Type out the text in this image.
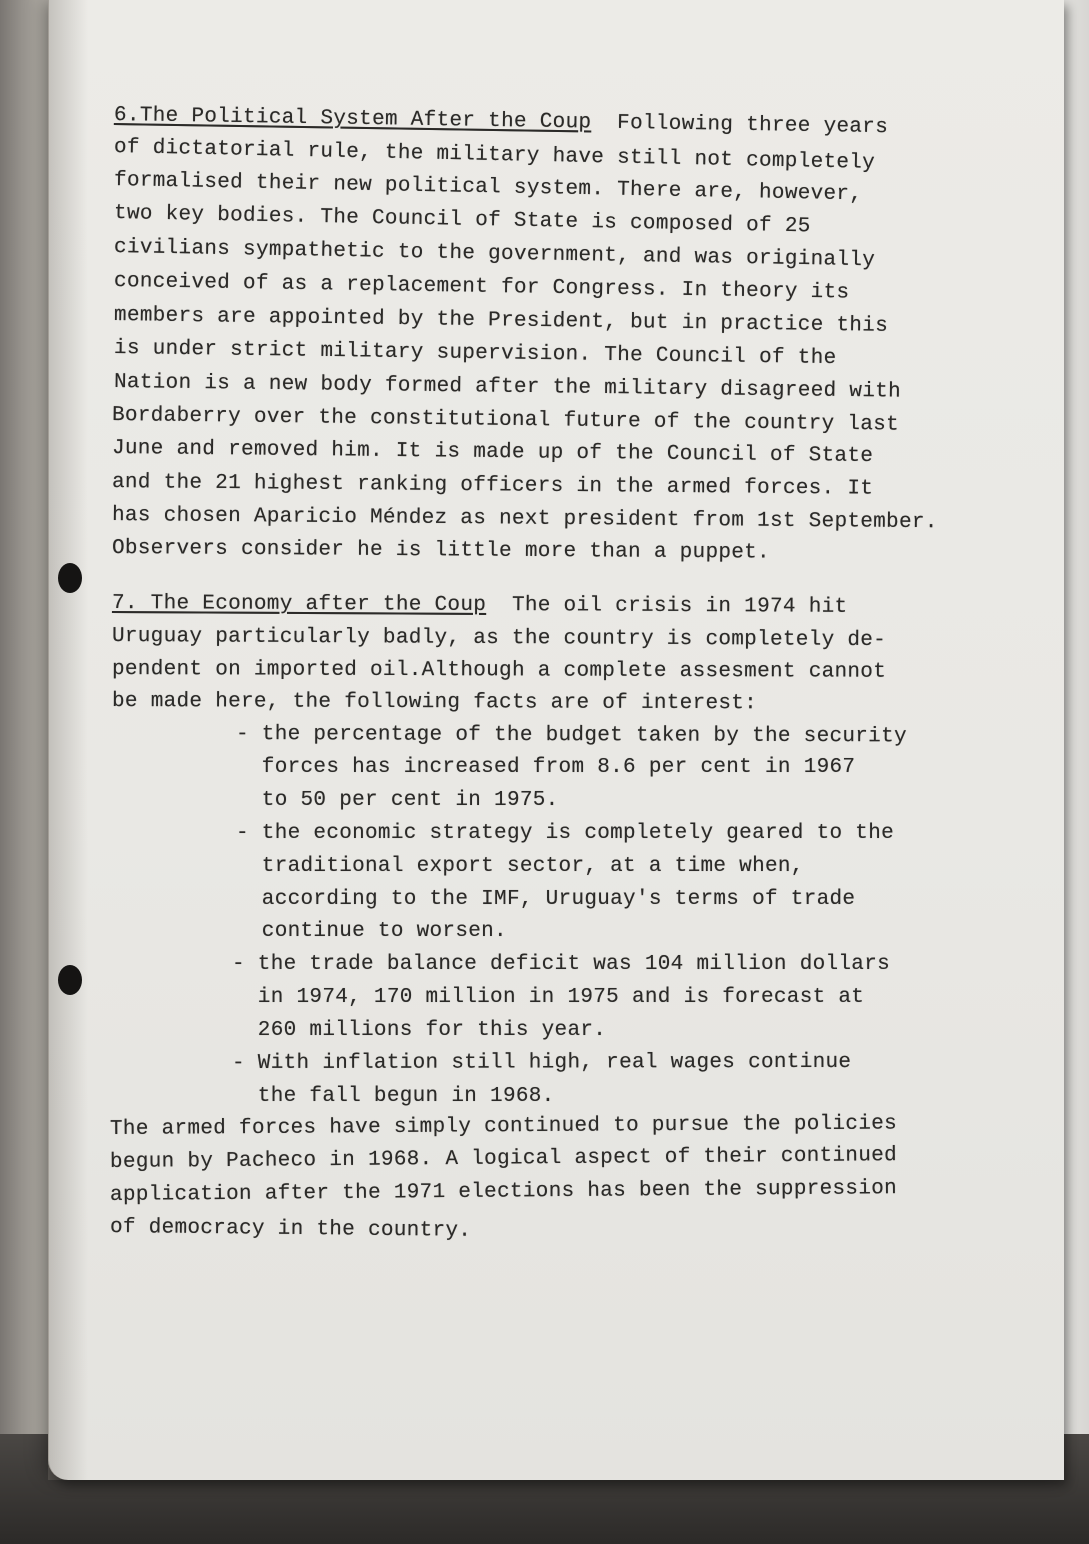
6.The Political System After the Coup  Following three years
of dictatorial rule, the military have still not completely
formalised their new political system. There are, however,
two key bodies. The Council of State is composed of 25
civilians sympathetic to the government, and was originally
conceived of as a replacement for Congress. In theory its
members are appointed by the President, but in practice this
is under strict military supervision. The Council of the
Nation is a new body formed after the military disagreed with
Bordaberry over the constitutional future of the country last
June and removed him. It is made up of the Council of State
and the 21 highest ranking officers in the armed forces. It
has chosen Aparicio Méndez as next president from 1st September.
Observers consider he is little more than a puppet.
7. The Economy after the Coup  The oil crisis in 1974 hit
Uruguay particularly badly, as the country is completely de-
pendent on imported oil.Although a complete assesment cannot
be made here, the following facts are of interest:
- the percentage of the budget taken by the security
forces has increased from 8.6 per cent in 1967
to 50 per cent in 1975.
- the economic strategy is completely geared to the
traditional export sector, at a time when,
according to the IMF, Uruguay's terms of trade
continue to worsen.
- the trade balance deficit was 104 million dollars
in 1974, 170 million in 1975 and is forecast at
260 millions for this year.
- With inflation still high, real wages continue
the fall begun in 1968.
The armed forces have simply continued to pursue the policies
begun by Pacheco in 1968. A logical aspect of their continued
application after the 1971 elections has been the suppression
of democracy in the country.
